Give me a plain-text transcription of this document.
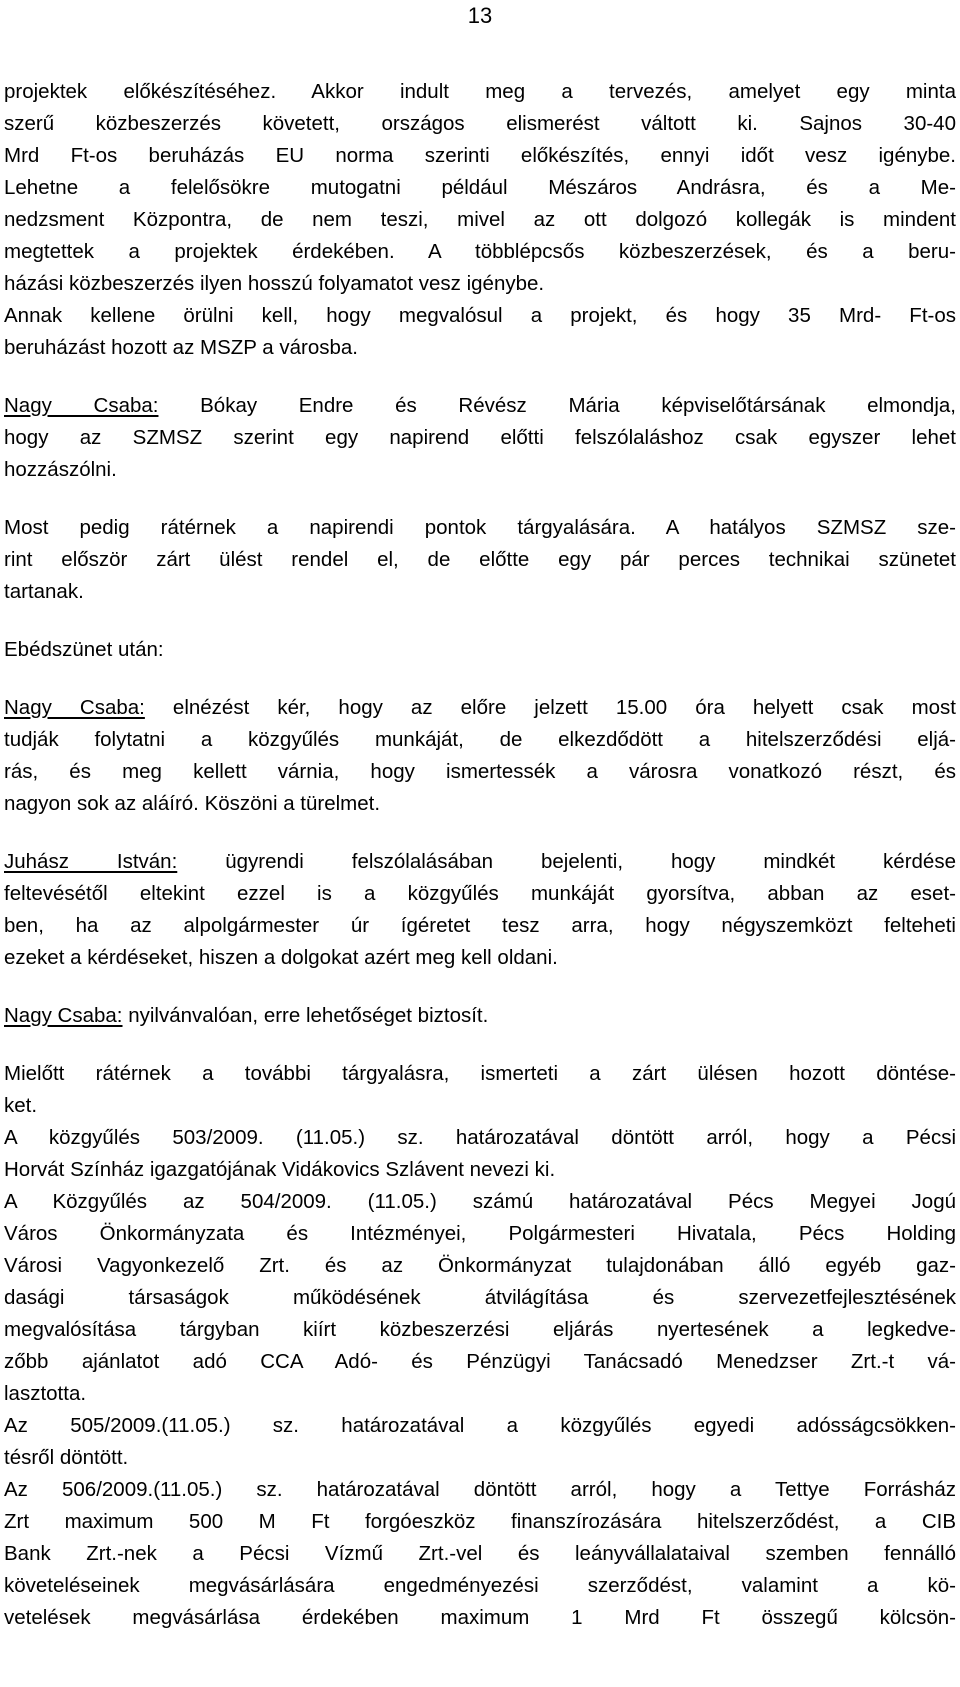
13
projektek előkészítéséhez. Akkor indult meg a tervezés, amelyet egy minta
szerű közbeszerzés követett, országos elismerést váltott ki. Sajnos 30-40
Mrd Ft-os beruházás EU norma szerinti előkészítés, ennyi időt vesz igénybe.
Lehetne a felelősökre mutogatni például Mészáros Andrásra, és a Me-
nedzsment Központra, de nem teszi, mivel az ott dolgozó kollegák is mindent
megtettek a projektek érdekében. A többlépcsős közbeszerzések, és a beru-
házási közbeszerzés ilyen hosszú folyamatot vesz igénybe.
Annak kellene örülni kell, hogy megvalósul a projekt, és hogy 35 Mrd- Ft-os
beruházást hozott az MSZP a városba.
Nagy Csaba: Bókay Endre és Révész Mária képviselőtársának elmondja,
hogy az SZMSZ szerint egy napirend előtti felszólaláshoz csak egyszer lehet
hozzászólni.
Most pedig rátérnek a napirendi pontok tárgyalására. A hatályos SZMSZ sze-
rint először zárt ülést rendel el, de előtte egy pár perces technikai szünetet
tartanak.
Ebédszünet után:
Nagy Csaba: elnézést kér, hogy az előre jelzett 15.00 óra helyett csak most
tudják folytatni a közgyűlés munkáját, de elkezdődött a hitelszerződési eljá-
rás, és meg kellett várnia, hogy ismertessék a városra vonatkozó részt, és
nagyon sok az aláíró. Köszöni a türelmet.
Juhász István: ügyrendi felszólalásában bejelenti, hogy mindkét kérdése
feltevésétől eltekint ezzel is a közgyűlés munkáját gyorsítva, abban az eset-
ben, ha az alpolgármester úr ígéretet tesz arra, hogy négyszemközt felteheti
ezeket a kérdéseket, hiszen a dolgokat azért meg kell oldani.
Nagy Csaba: nyilvánvalóan, erre lehetőséget biztosít.
Mielőtt rátérnek a további tárgyalásra, ismerteti a zárt ülésen hozott döntése-
ket.
A közgyűlés 503/2009. (11.05.) sz. határozatával döntött arról, hogy a Pécsi
Horvát Színház igazgatójának Vidákovics Szlávent nevezi ki.
A Közgyűlés az 504/2009. (11.05.) számú határozatával Pécs Megyei Jogú
Város Önkormányzata és Intézményei, Polgármesteri Hivatala, Pécs Holding
Városi Vagyonkezelő Zrt. és az Önkormányzat tulajdonában álló egyéb gaz-
dasági társaságok működésének átvilágítása és szervezetfejlesztésének
megvalósítása tárgyban kiírt közbeszerzési eljárás nyertesének a legkedve-
zőbb ajánlatot adó CCA Adó- és Pénzügyi Tanácsadó Menedzser Zrt.-t vá-
lasztotta.
Az 505/2009.(11.05.) sz. határozatával a közgyűlés egyedi adósságcsökken-
tésről döntött.
Az 506/2009.(11.05.) sz. határozatával döntött arról, hogy a Tettye Forrásház
Zrt maximum 500 M Ft forgóeszköz finanszírozására hitelszerződést, a CIB
Bank Zrt.-nek a Pécsi Vízmű Zrt.-vel és leányvállalataival szemben fennálló
követeléseinek megvásárlására engedményezési szerződést, valamint a kö-
vetelések megvásárlása érdekében maximum 1 Mrd Ft összegű kölcsön-
